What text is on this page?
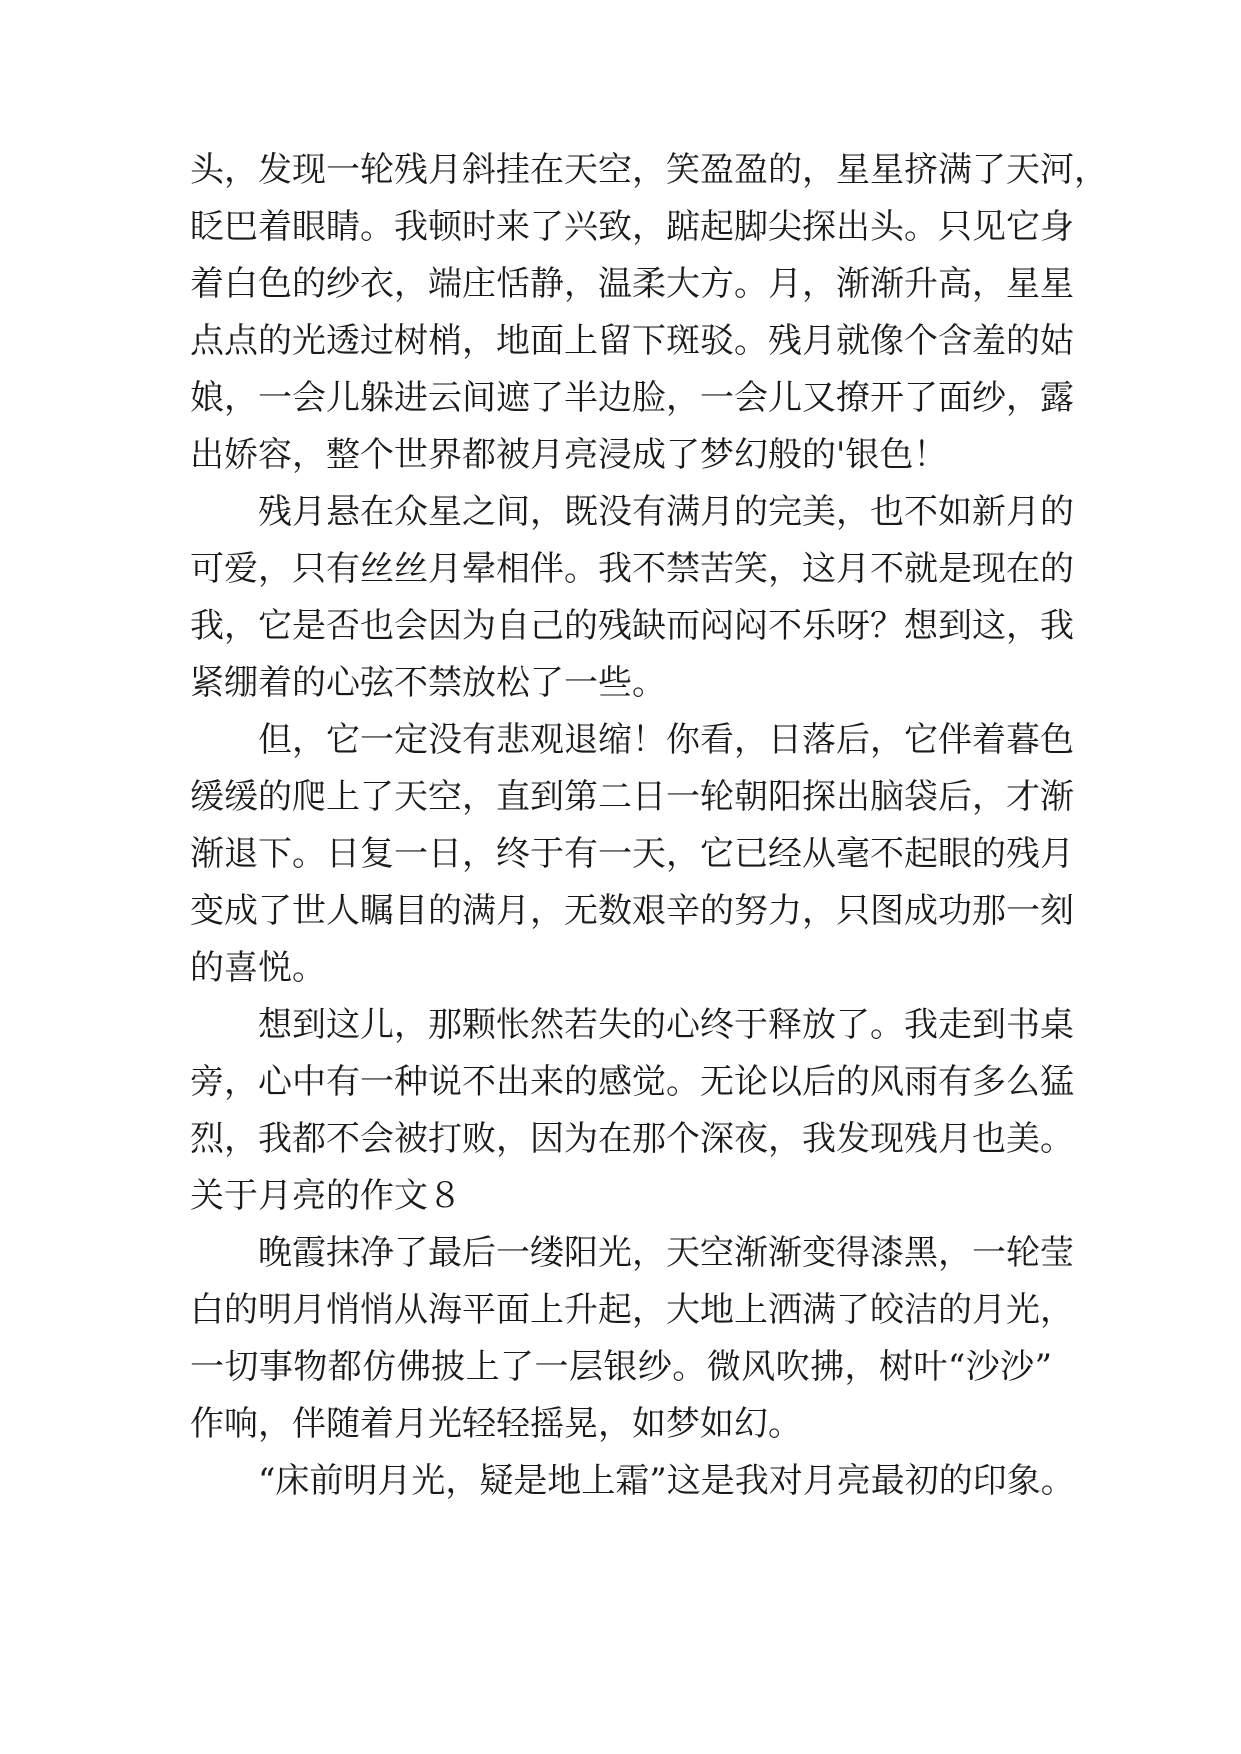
头，发现一轮残月斜挂在天空，笑盈盈的，星星挤满了天河，
眨巴着眼睛。我顿时来了兴致，踮起脚尖探出头。只见它身
着白色的纱衣，端庄恬静，温柔大方。月，渐渐升高，星星
点点的光透过树梢，地面上留下斑驳。残月就像个含羞的姑
娘，一会儿躲进云间遮了半边脸，一会儿又撩开了面纱，露
出娇容，整个世界都被月亮浸成了梦幻般的'银色！
残月悬在众星之间，既没有满月的完美，也不如新月的
可爱，只有丝丝月晕相伴。我不禁苦笑，这月不就是现在的
我，它是否也会因为自己的残缺而闷闷不乐呀？想到这，我
紧绷着的心弦不禁放松了一些。
但，它一定没有悲观退缩！你看，日落后，它伴着暮色
缓缓的爬上了天空，直到第二日一轮朝阳探出脑袋后，才渐
渐退下。日复一日，终于有一天，它已经从毫不起眼的残月
变成了世人瞩目的满月，无数艰辛的努力，只图成功那一刻
的喜悦。
想到这儿，那颗怅然若失的心终于释放了。我走到书桌
旁，心中有一种说不出来的感觉。无论以后的风雨有多么猛
烈，我都不会被打败，因为在那个深夜，我发现残月也美。
关于月亮的作文８
晚霞抹净了最后一缕阳光，天空渐渐变得漆黑，一轮莹
白的明月悄悄从海平面上升起，大地上洒满了皎洁的月光，
一切事物都仿佛披上了一层银纱。微风吹拂，树叶“沙沙”
作响，伴随着月光轻轻摇晃，如梦如幻。
“床前明月光，疑是地上霜”这是我对月亮最初的印象。
